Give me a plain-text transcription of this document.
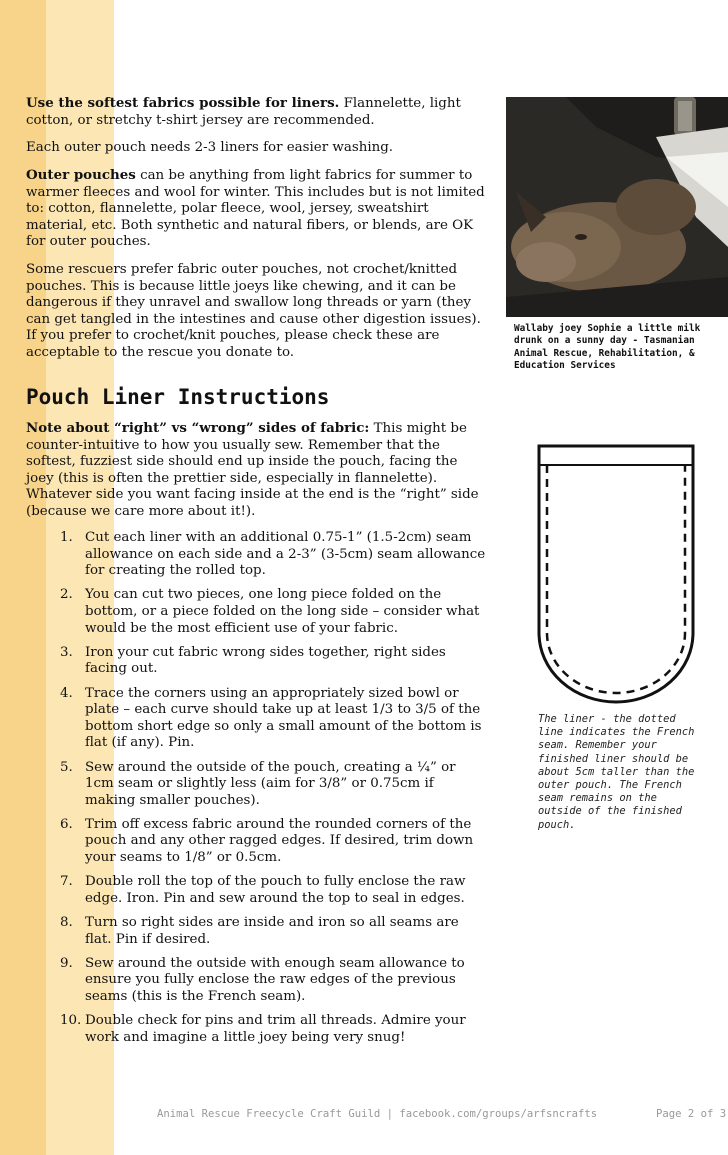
Use the softest fabrics possible for liners. Flannelette, light cotton, or stretchy t-shirt jersey are recommended.

Each outer pouch needs 2-3 liners for easier washing.

Outer pouches can be anything from light fabrics for summer to warmer fleeces and wool for winter. This includes but is not limited to: cotton, flannelette, polar fleece, wool, jersey, sweatshirt material, etc. Both synthetic and natural fibers, or blends, are OK for outer pouches.

Some rescuers prefer fabric outer pouches, not crochet/knitted pouches. This is because little joeys like chewing, and it can be dangerous if they unravel and swallow long threads or yarn (they can get tangled in the intestines and cause other digestion issues). If you prefer to crochet/knit pouches, please check these are acceptable to the rescue you donate to.

Wallaby joey Sophie a little milk drunk on a sunny day - Tasmanian Animal Rescue, Rehabilitation, & Education Services

Pouch Liner Instructions

Note about “right” vs “wrong” sides of fabric: This might be counter-intuitive to how you usually sew. Remember that the softest, fuzziest side should end up inside the pouch, facing the joey (this is often the prettier side, especially in flannelette). Whatever side you want facing inside at the end is the “right” side (because we care more about it!).

1. Cut each liner with an additional 0.75-1” (1.5-2cm) seam allowance on each side and a 2-3” (3-5cm) seam allowance for creating the rolled top.
2. You can cut two pieces, one long piece folded on the bottom, or a piece folded on the long side – consider what would be the most efficient use of your fabric.
3. Iron your cut fabric wrong sides together, right sides facing out.
4. Trace the corners using an appropriately sized bowl or plate – each curve should take up at least 1/3 to 3/5 of the bottom short edge so only a small amount of the bottom is flat (if any). Pin.
5. Sew around the outside of the pouch, creating a ¼” or 1cm seam or slightly less (aim for 3/8” or 0.75cm if making smaller pouches).
6. Trim off excess fabric around the rounded corners of the pouch and any other ragged edges. If desired, trim down your seams to 1/8” or 0.5cm.
7. Double roll the top of the pouch to fully enclose the raw edge. Iron. Pin and sew around the top to seal in edges.
8. Turn so right sides are inside and iron so all seams are flat. Pin if desired.
9. Sew around the outside with enough seam allowance to ensure you fully enclose the raw edges of the previous seams (this is the French seam).
10. Double check for pins and trim all threads. Admire your work and imagine a little joey being very snug!

The liner - the dotted line indicates the French seam. Remember your finished liner should be about 5cm taller than the outer pouch. The French seam remains on the outside of the finished pouch.

Animal Rescue Freecycle Craft Guild | facebook.com/groups/arfsncrafts	Page 2 of 3
